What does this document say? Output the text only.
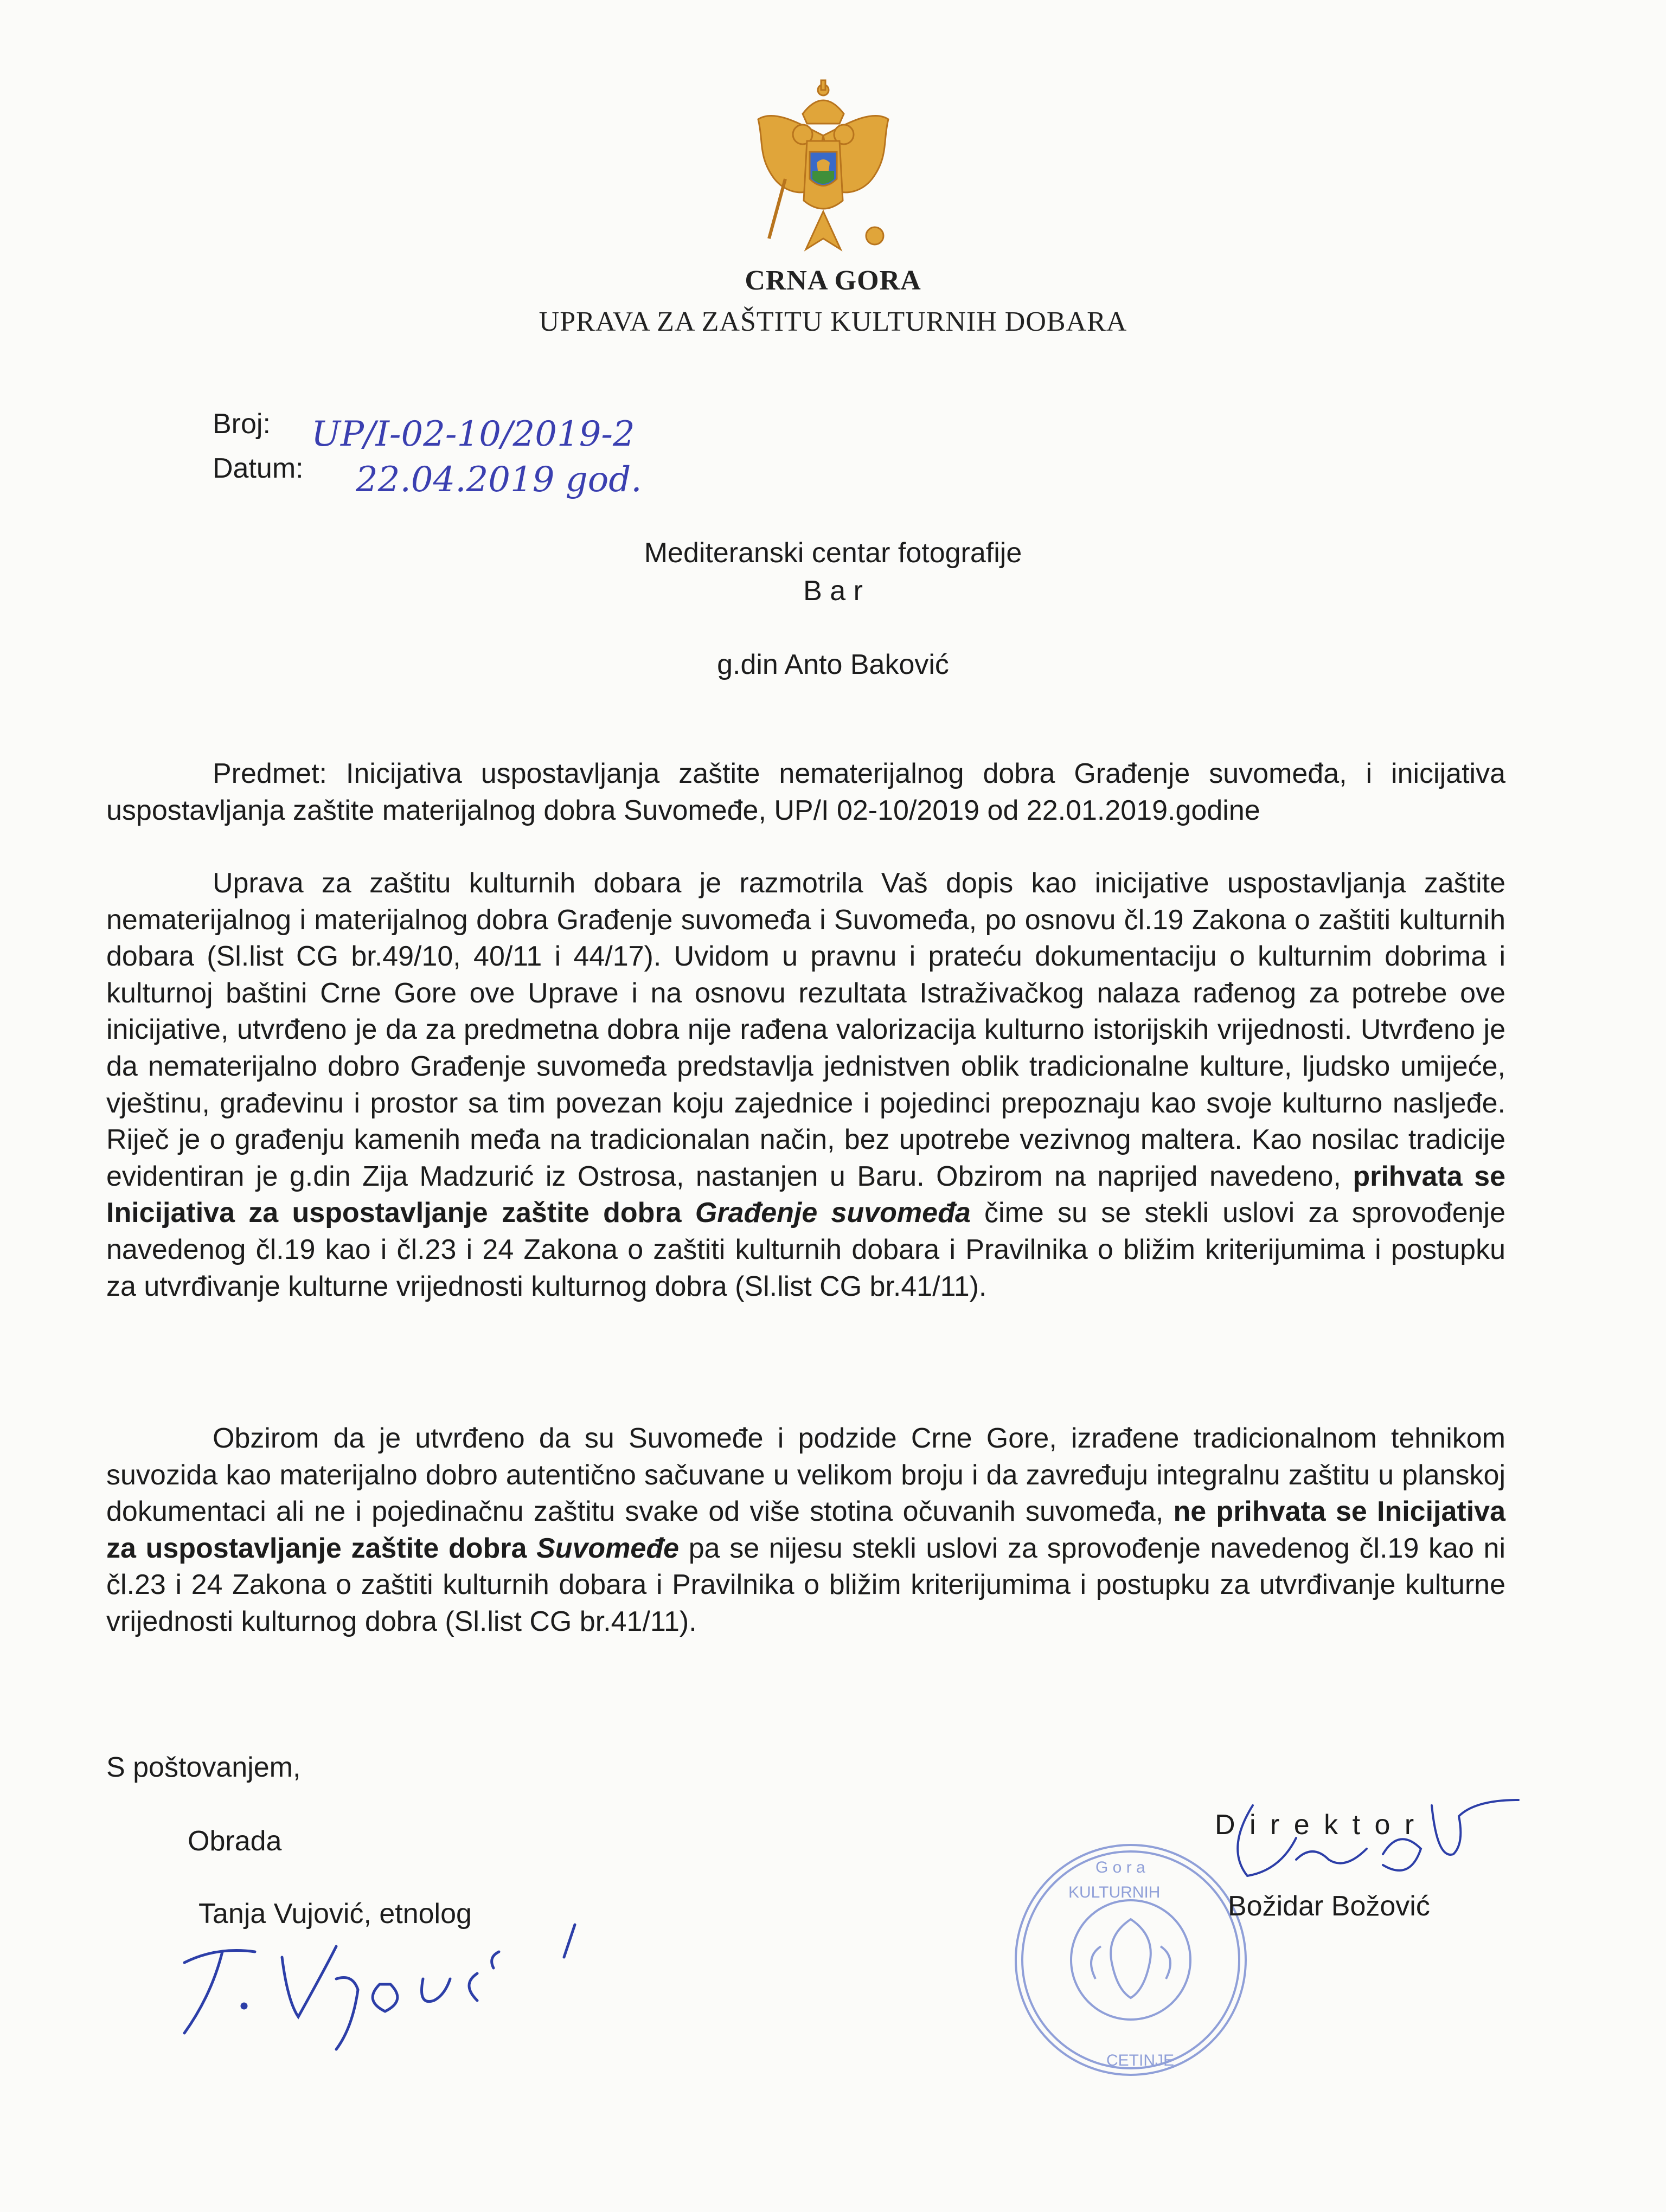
CRNA GORA
UPRAVA ZA ZAŠTITU KULTURNIH DOBARA
Broj: UP/I-02-10/2019-2
Datum: 22.04.2019 god.
Mediteranski centar fotografije
B a r
g.din Anto Baković
Predmet: Inicijativa uspostavljanja zaštite nematerijalnog dobra Građenje suvomeđa, i inicijativa uspostavljanja zaštite materijalnog dobra Suvomeđe, UP/I 02-10/2019 od 22.01.2019.godine
Uprava za zaštitu kulturnih dobara je razmotrila Vaš dopis kao inicijative uspostavljanja zaštite nematerijalnog i materijalnog dobra Građenje suvomeđa i Suvomeđa, po osnovu čl.19 Zakona o zaštiti kulturnih dobara (Sl.list CG br.49/10, 40/11 i 44/17). Uvidom u pravnu i prateću dokumentaciju o kulturnim dobrima i kulturnoj baštini Crne Gore ove Uprave i na osnovu rezultata Istraživačkog nalaza rađenog za potrebe ove inicijative, utvrđeno je da za predmetna dobra nije rađena valorizacija kulturno istorijskih vrijednosti. Utvrđeno je da nematerijalno dobro Građenje suvomeđa predstavlja jednistven oblik tradicionalne kulture, ljudsko umijeće, vještinu, građevinu i prostor sa tim povezan koju zajednice i pojedinci prepoznaju kao svoje kulturno nasljeđe. Riječ je o građenju kamenih međa na tradicionalan način, bez upotrebe vezivnog maltera. Kao nosilac tradicije evidentiran je g.din Zija Madzurić iz Ostrosa, nastanjen u Baru. Obzirom na naprijed navedeno, prihvata se Inicijativa za uspostavljanje zaštite dobra Građenje suvomeđa čime su se stekli uslovi za sprovođenje navedenog čl.19 kao i čl.23 i 24 Zakona o zaštiti kulturnih dobara i Pravilnika o bližim kriterijumima i postupku za utvrđivanje kulturne vrijednosti kulturnog dobra (Sl.list CG br.41/11).
Obzirom da je utvrđeno da su Suvomeđe i podzide Crne Gore, izrađene tradicionalnom tehnikom suvozida kao materijalno dobro autentično sačuvane u velikom broju i da zavređuju integralnu zaštitu u planskoj dokumentaci ali ne i pojedinačnu zaštitu svake od više stotina očuvanih suvomeđa, ne prihvata se Inicijativa za uspostavljanje zaštite dobra Suvomeđe pa se nijesu stekli uslovi za sprovođenje navedenog čl.19 kao ni čl.23 i 24 Zakona o zaštiti kulturnih dobara i Pravilnika o bližim kriterijumima i postupku za utvrđivanje kulturne vrijednosti kulturnog dobra (Sl.list CG br.41/11).
S poštovanjem,
Obrada
Tanja Vujović, etnolog
G o r a
KULTURNIH
CETINJE
D i r e k t o r
Božidar Božović
